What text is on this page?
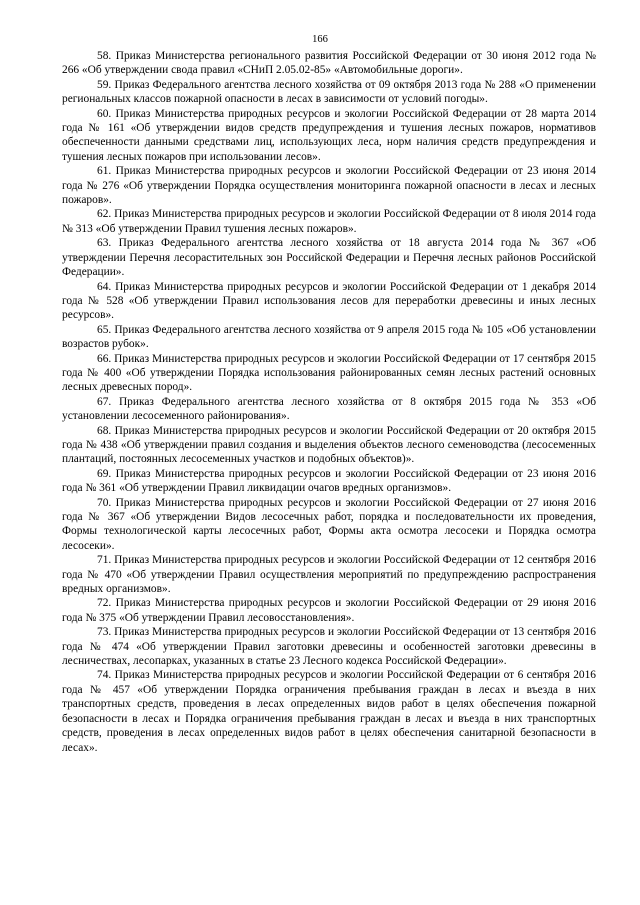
166

58. Приказ Министерства регионального развития Российской Федерации от 30 июня 2012 года № 266 «Об утверждении свода правил «СНиП 2.05.02-85» «Автомобильные дороги».

59. Приказ Федерального агентства лесного хозяйства от 09 октября 2013 года № 288 «О применении региональных классов пожарной опасности в лесах в зависимости от условий погоды».

60. Приказ Министерства природных ресурсов и экологии Российской Федерации от 28 марта 2014 года № 161 «Об утверждении видов средств предупреждения и тушения лесных пожаров, нормативов обеспеченности данными средствами лиц, использующих леса, норм наличия средств предупреждения и тушения лесных пожаров при использовании лесов».

61. Приказ Министерства природных ресурсов и экологии Российской Федерации от 23 июня 2014 года № 276 «Об утверждении Порядка осуществления мониторинга пожарной опасности в лесах и лесных пожаров».

62. Приказ Министерства природных ресурсов и экологии Российской Федерации от 8 июля 2014 года № 313 «Об утверждении Правил тушения лесных пожаров».

63. Приказ Федерального агентства лесного хозяйства от 18 августа 2014 года № 367 «Об утверждении Перечня лесорастительных зон Российской Федерации и Перечня лесных районов Российской Федерации».

64. Приказ Министерства природных ресурсов и экологии Российской Федерации от 1 декабря 2014 года № 528 «Об утверждении Правил использования лесов для переработки древесины и иных лесных ресурсов».

65. Приказ Федерального агентства лесного хозяйства от 9 апреля 2015 года № 105 «Об установлении возрастов рубок».

66. Приказ Министерства природных ресурсов и экологии Российской Федерации от 17 сентября 2015 года № 400 «Об утверждении Порядка использования районированных семян лесных растений основных лесных древесных пород».

67. Приказ Федерального агентства лесного хозяйства от 8 октября 2015 года № 353 «Об установлении лесосеменного районирования».

68. Приказ Министерства природных ресурсов и экологии Российской Федерации от 20 октября 2015 года № 438 «Об утверждении правил создания и выделения объектов лесного семеноводства (лесосеменных плантаций, постоянных лесосеменных участков и подобных объектов)».

69. Приказ Министерства природных ресурсов и экологии Российской Федерации от 23 июня 2016 года № 361 «Об утверждении Правил ликвидации очагов вредных организмов».

70. Приказ Министерства природных ресурсов и экологии Российской Федерации от 27 июня 2016 года № 367 «Об утверждении Видов лесосечных работ, порядка и последовательности их проведения, Формы технологической карты лесосечных работ, Формы акта осмотра лесосеки и Порядка осмотра лесосеки».

71. Приказ Министерства природных ресурсов и экологии Российской Федерации от 12 сентября 2016 года № 470 «Об утверждении Правил осуществления мероприятий по предупреждению распространения вредных организмов».

72. Приказ Министерства природных ресурсов и экологии Российской Федерации от 29 июня 2016 года № 375 «Об утверждении Правил лесовосстановления».

73. Приказ Министерства природных ресурсов и экологии Российской Федерации от 13 сентября 2016 года № 474 «Об утверждении Правил заготовки древесины и особенностей заготовки древесины в лесничествах, лесопарках, указанных в статье 23 Лесного кодекса Российской Федерации».

74. Приказ Министерства природных ресурсов и экологии Российской Федерации от 6 сентября 2016 года № 457 «Об утверждении Порядка ограничения пребывания граждан в лесах и въезда в них транспортных средств, проведения в лесах определенных видов работ в целях обеспечения пожарной безопасности в лесах и Порядка ограничения пребывания граждан в лесах и въезда в них транспортных средств, проведения в лесах определенных видов работ в целях обеспечения санитарной безопасности в лесах».
